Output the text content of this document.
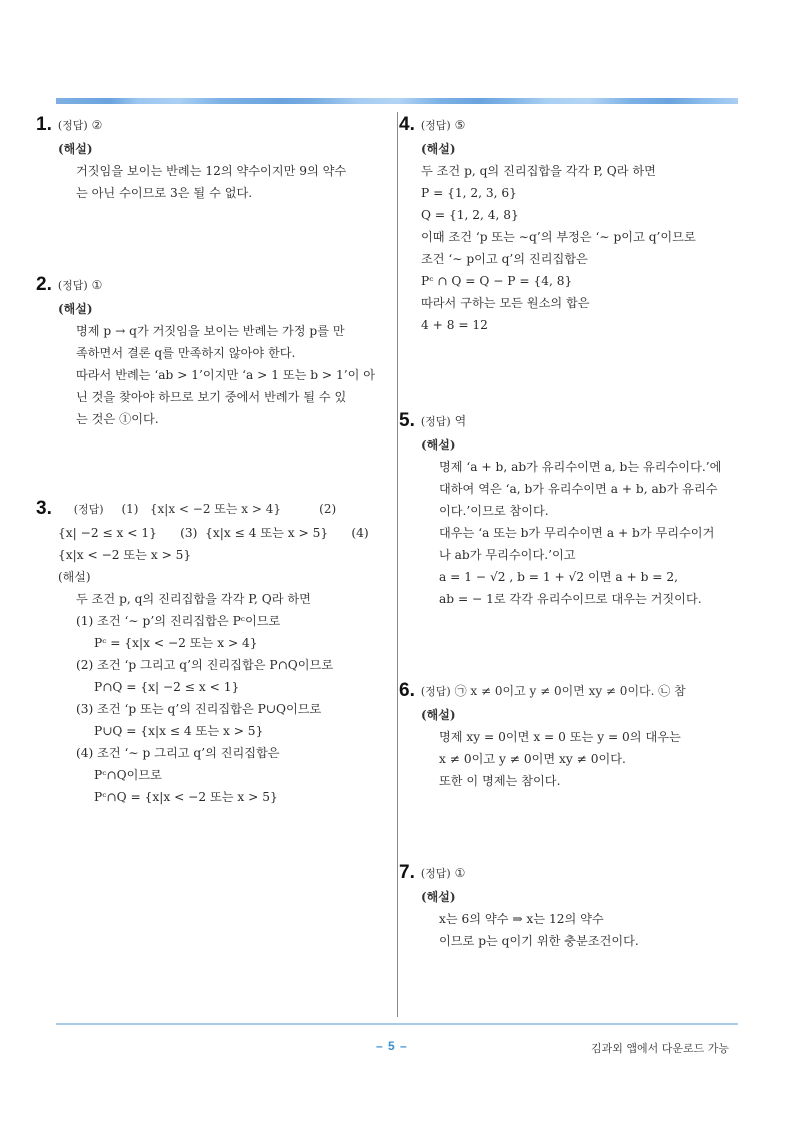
1. (정답) ②
(해설)
거짓임을 보이는 반례는 12의 약수이지만 9의 약수
는 아닌 수이므로 3은 될 수 없다.
2. (정답) ①
(해설)
명제 p → q가 거짓임을 보이는 반례는 가정 p를 만
족하면서 결론 q를 만족하지 않아야 한다.
따라서 반례는 ‘ab > 1’이지만 ‘a > 1 또는 b > 1’이 아
닌 것을 찾아야 하므로 보기 중에서 반례가 될 수 있
는 것은 ①이다.
3. (정답) (1)   {x|x < −2 또는 x > 4}          (2)
{x| −2 ≤ x < 1}      (3)  {x|x ≤ 4 또는 x > 5}      (4)
{x|x < −2 또는 x > 5}
(해설)
두 조건 p, q의 진리집합을 각각 P, Q라 하면
(1) 조건 ‘∼ p’의 진리집합은 Pᶜ이므로
Pᶜ = {x|x < −2 또는 x > 4}
(2) 조건 ‘p 그리고 q’의 진리집합은 P∩Q이므로
P∩Q = {x| −2 ≤ x < 1}
(3) 조건 ‘p 또는 q’의 진리집합은 P∪Q이므로
P∪Q = {x|x ≤ 4 또는 x > 5}
(4) 조건 ‘∼ p 그리고 q’의 진리집합은
Pᶜ∩Q이므로
Pᶜ∩Q = {x|x < −2 또는 x > 5}
4. (정답) ⑤
(해설)
두 조건 p, q의 진리집합을 각각 P, Q라 하면
P = {1, 2, 3, 6}
Q = {1, 2, 4, 8}
이때 조건 ‘p 또는 ∼q’의 부정은 ‘∼ p이고 q’이므로
조건 ‘∼ p이고 q’의 진리집합은
Pᶜ ∩ Q = Q − P = {4, 8}
따라서 구하는 모든 원소의 합은
4 + 8 = 12
5. (정답) 역
(해설)
명제 ‘a + b, ab가 유리수이면 a, b는 유리수이다.’에
대하여 역은 ‘a, b가 유리수이면 a + b, ab가 유리수
이다.’이므로 참이다.
대우는 ‘a 또는 b가 무리수이면 a + b가 무리수이거
나 ab가 무리수이다.’이고
a = 1 − √2 , b = 1 + √2 이면 a + b = 2,
ab = − 1로 각각 유리수이므로 대우는 거짓이다.
6. (정답) ㉠ x ≠ 0이고 y ≠ 0이면 xy ≠ 0이다. ㉡ 참
(해설)
명제 xy = 0이면 x = 0 또는 y = 0의 대우는
x ≠ 0이고 y ≠ 0이면 xy ≠ 0이다.
또한 이 명제는 참이다.
7. (정답) ①
(해설)
x는 6의 약수 ⇒ x는 12의 약수
이므로 p는 q이기 위한 충분조건이다.
– 5 –	김과외 앱에서 다운로드 가능
